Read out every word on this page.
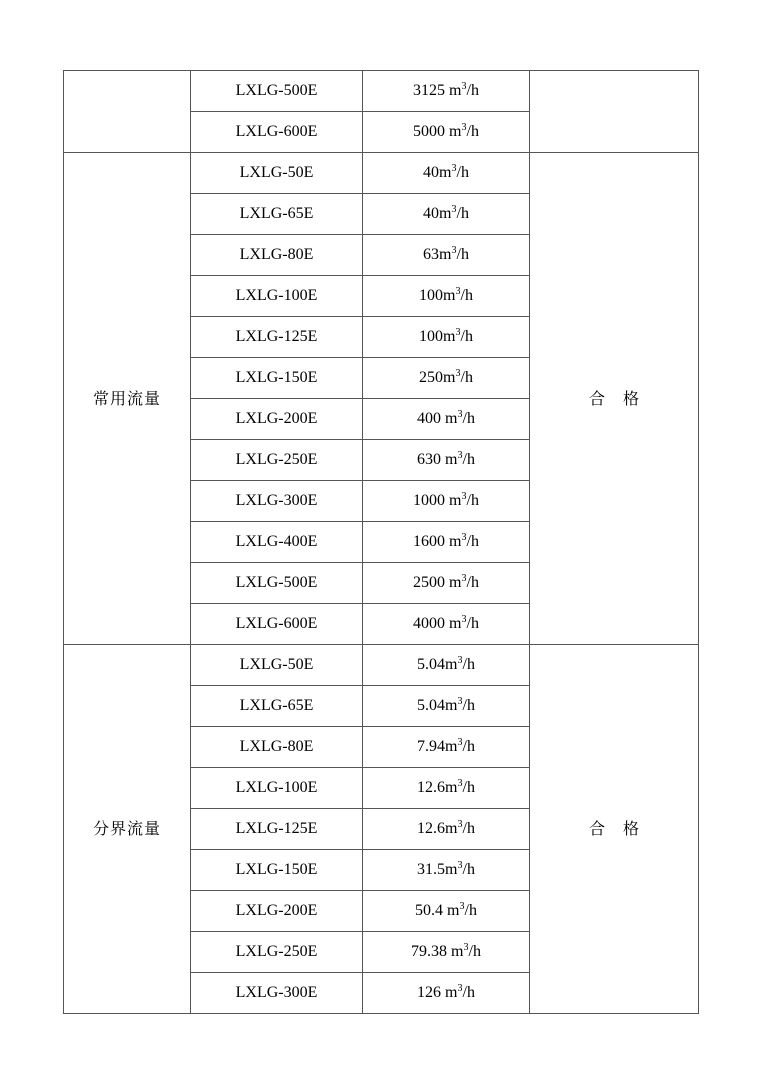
	LXLG-500E	3125 $m^3/h$	
	LXLG-600E	5000 $m^3/h$	
常用流量	LXLG-50E	$40m^3/h$	合 格
	LXLG-65E	$40m^3/h$	
	LXLG-80E	$63m^3/h$	
	LXLG-100E	$100m^3/h$	
	LXLG-125E	$100m^3/h$	
	LXLG-150E	$250m^3/h$	
	LXLG-200E	400 $m^3/h$	
	LXLG-250E	630 $m^3/h$	
	LXLG-300E	1000 $m^3/h$	
	LXLG-400E	1600 $m^3/h$	
	LXLG-500E	2500 $m^3/h$	
	LXLG-600E	4000 $m^3/h$	
分界流量	LXLG-50E	$5.04m^3/h$	合 格
	LXLG-65E	$5.04m^3/h$	
	LXLG-80E	$7.94m^3/h$	
	LXLG-100E	$12.6m^3/h$	
	LXLG-125E	$12.6m^3/h$	
	LXLG-150E	$31.5m^3/h$	
	LXLG-200E	50.4 $m^3/h$	
	LXLG-250E	79.38 $m^3/h$	
	LXLG-300E	126 $m^3/h$	
